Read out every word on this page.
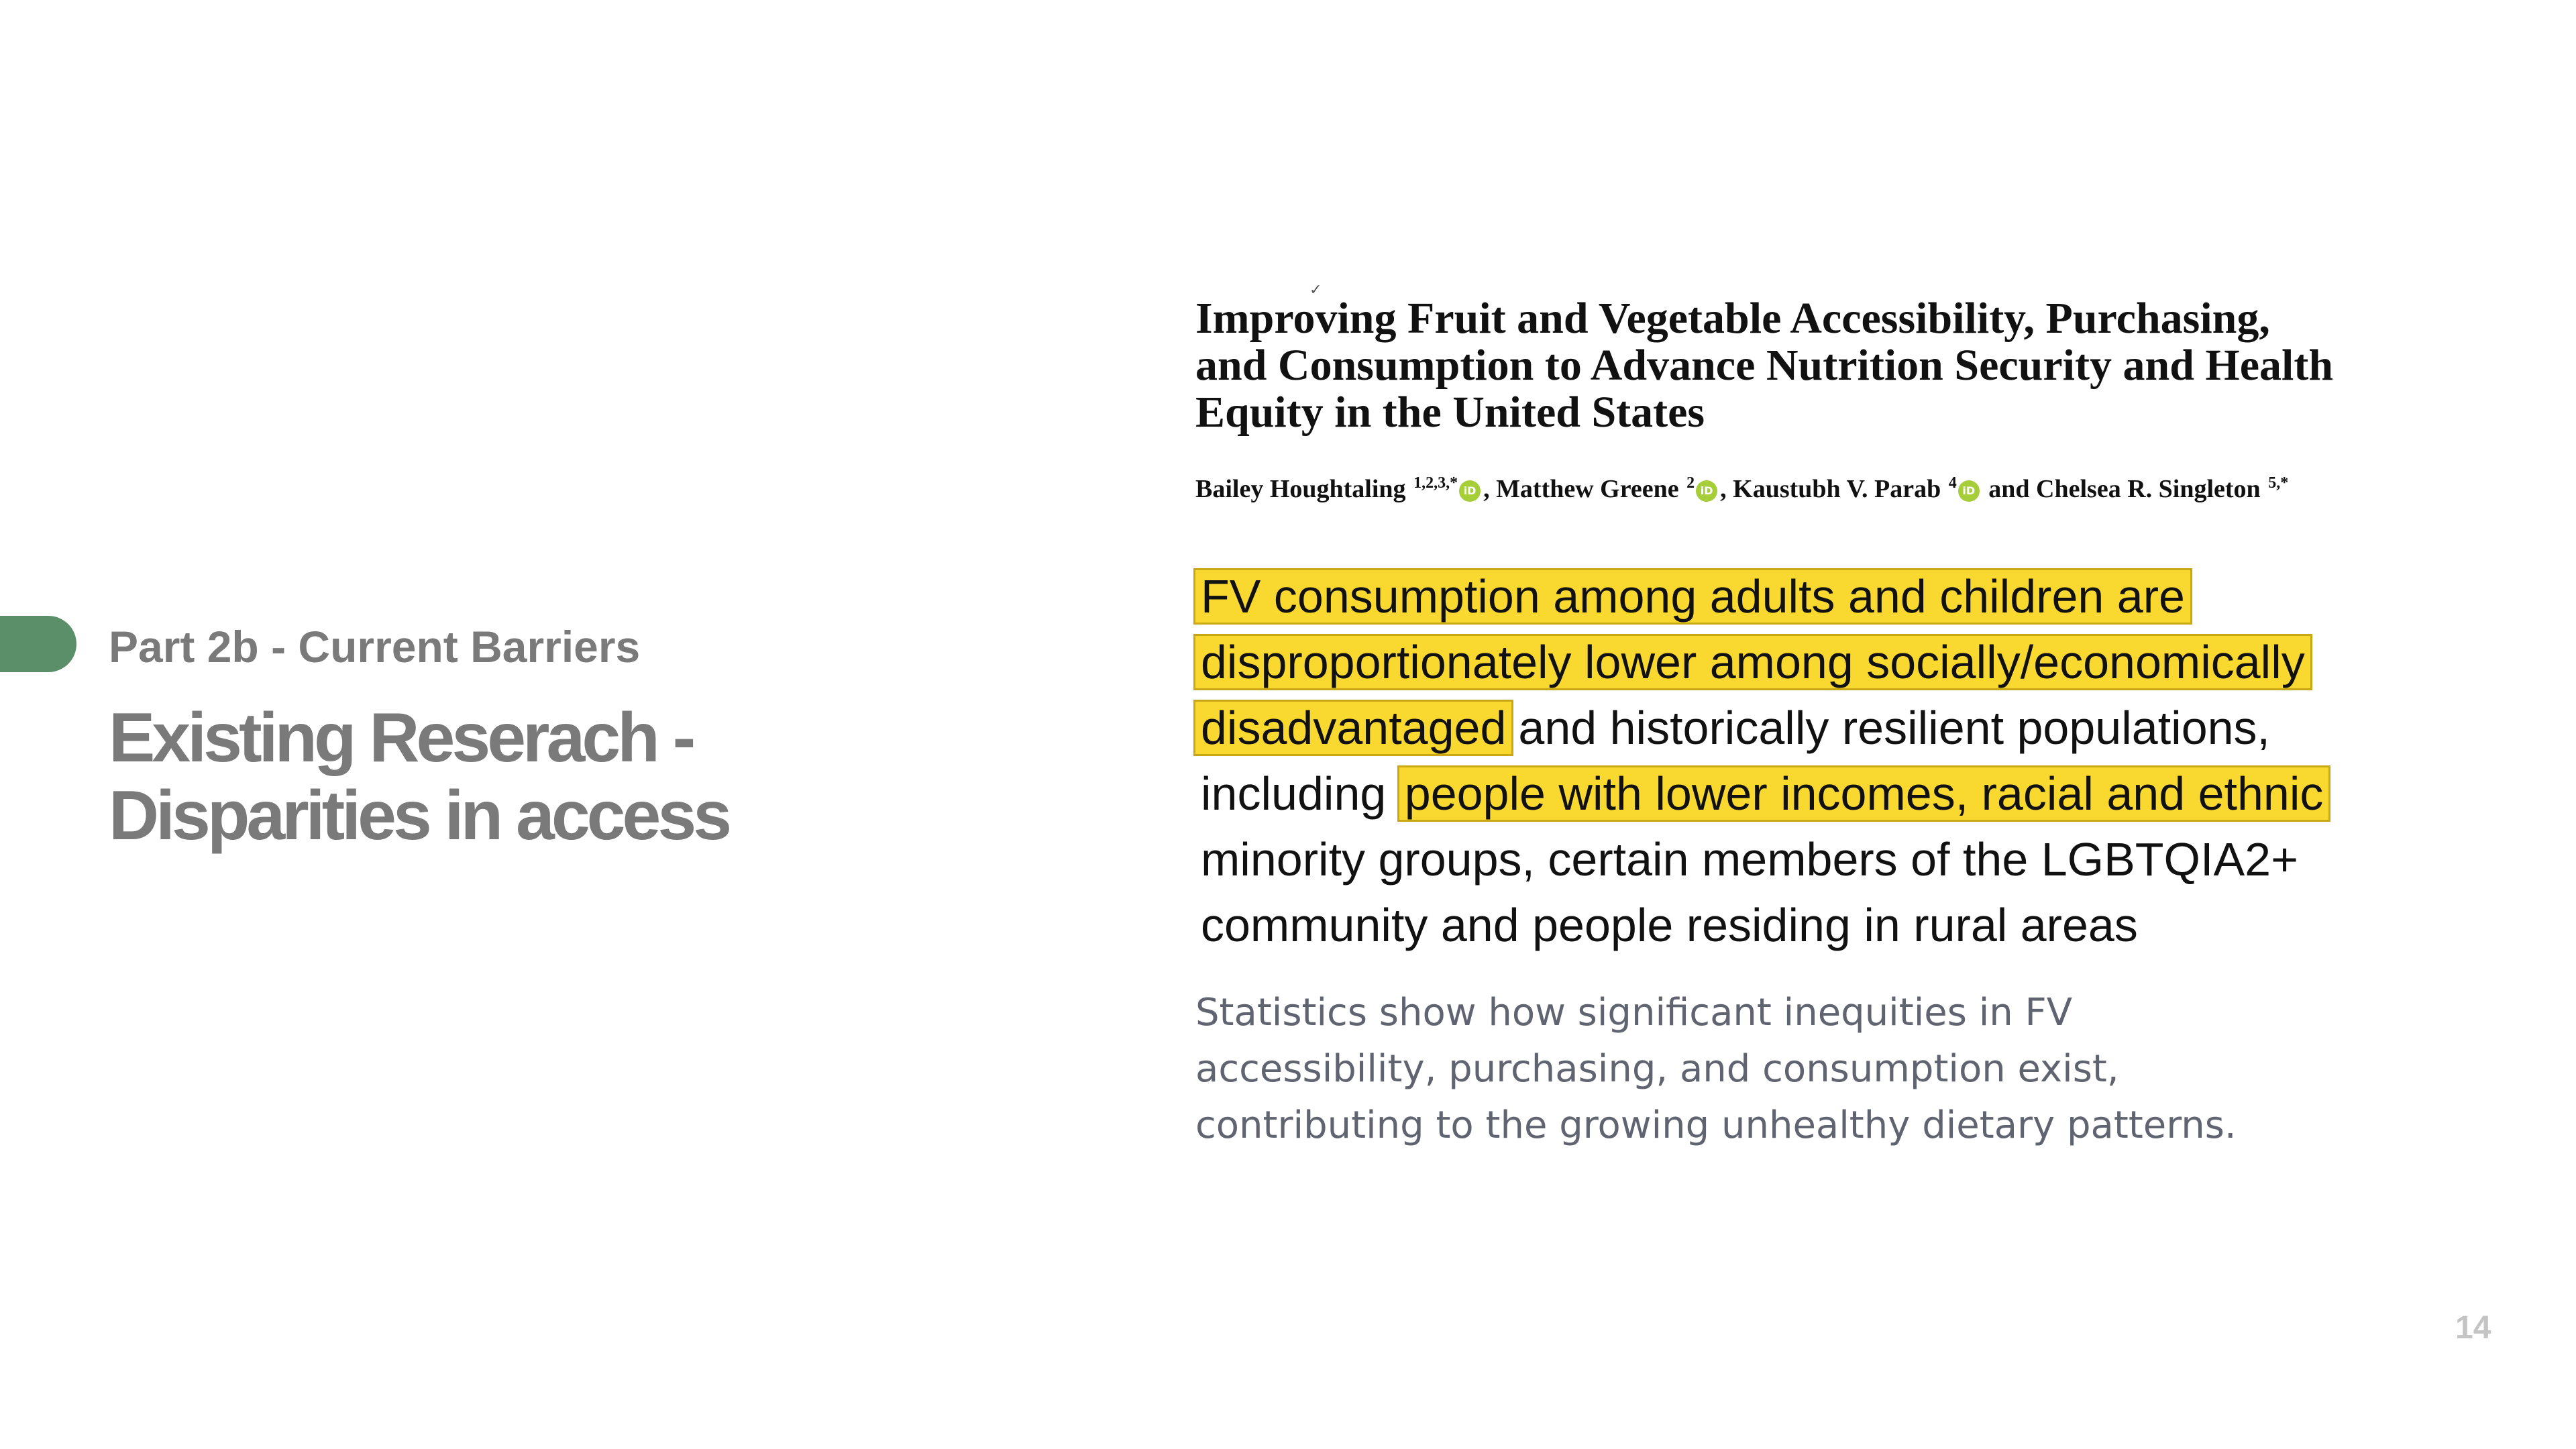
Part 2b - Current Barriers
Existing Reserach -
Disparities in access
✓
Improving Fruit and Vegetable Accessibility, Purchasing,
and Consumption to Advance Nutrition Security and Health
Equity in the United States
Bailey Houghtaling $^{1,2,3,*}$ iD , Matthew Greene $^2$ iD , Kaustubh V. Parab $^4$ iD and Chelsea R. Singleton $^{5,*}$
FV consumption among adults and children are
disproportionately lower among socially/economically
disadvantaged and historically resilient populations,
including people with lower incomes, racial and ethnic
minority groups, certain members of the LGBTQIA2+
community and people residing in rural areas
Statistics show how significant inequities in FV
accessibility, purchasing, and consumption exist,
contributing to the growing unhealthy dietary patterns.
14
